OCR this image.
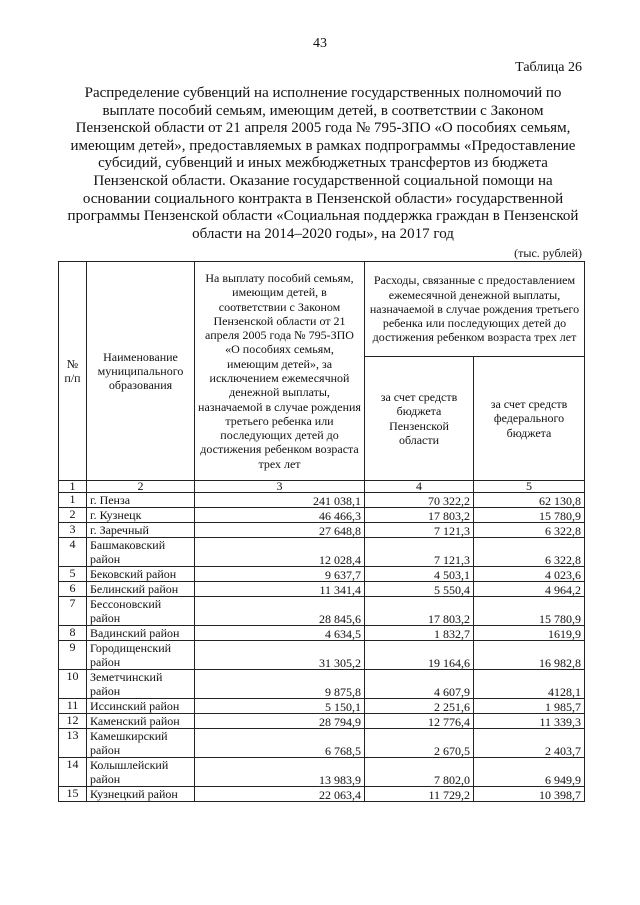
43
Таблица 26
Распределение субвенций на исполнение государственных полномочий по выплате пособий семьям, имеющим детей, в соответствии с Законом Пензенской области от 21 апреля 2005 года № 795-ЗПО «О пособиях семьям, имеющим детей», предоставляемых в рамках подпрограммы «Предоставление субсидий, субвенций и иных межбюджетных трансфертов из бюджета Пензенской области. Оказание государственной социальной помощи на основании социального контракта в Пензенской области» государственной программы Пензенской области «Социальная поддержка граждан в Пензенской области на 2014–2020 годы», на 2017 год
(тыс. рублей)
№ п/п	Наименование муниципального образования	На выплату пособий семьям, имеющим детей, в соответствии с Законом Пензенской области от 21 апреля 2005 года № 795-ЗПО «О пособиях семьям, имеющим детей», за исключением ежемесячной денежной выплаты, назначаемой в случае рождения третьего ребенка или последующих детей до достижения ребенком возраста трех лет	Расходы, связанные с предоставлением ежемесячной денежной выплаты, назначаемой в случае рождения третьего ребенка или последующих детей до достижения ребенком возраста трех лет	
			за счет средств бюджета Пензенской области	за счет средств федерального бюджета
1	2	3	4	5
1	г. Пенза	241 038,1	70 322,2	62 130,8
2	г. Кузнецк	46 466,3	17 803,2	15 780,9
3	г. Заречный	27 648,8	7 121,3	6 322,8
4	Башмаковский район	12 028,4	7 121,3	6 322,8
5	Бековский район	9 637,7	4 503,1	4 023,6
6	Белинский район	11 341,4	5 550,4	4 964,2
7	Бессоновский район	28 845,6	17 803,2	15 780,9
8	Вадинский район	4 634,5	1 832,7	1619,9
9	Городищенский район	31 305,2	19 164,6	16 982,8
10	Земетчинский район	9 875,8	4 607,9	4128,1
11	Иссинский район	5 150,1	2 251,6	1 985,7
12	Каменский район	28 794,9	12 776,4	11 339,3
13	Камешкирский район	6 768,5	2 670,5	2 403,7
14	Колышлейский район	13 983,9	7 802,0	6 949,9
15	Кузнецкий район	22 063,4	11 729,2	10 398,7
